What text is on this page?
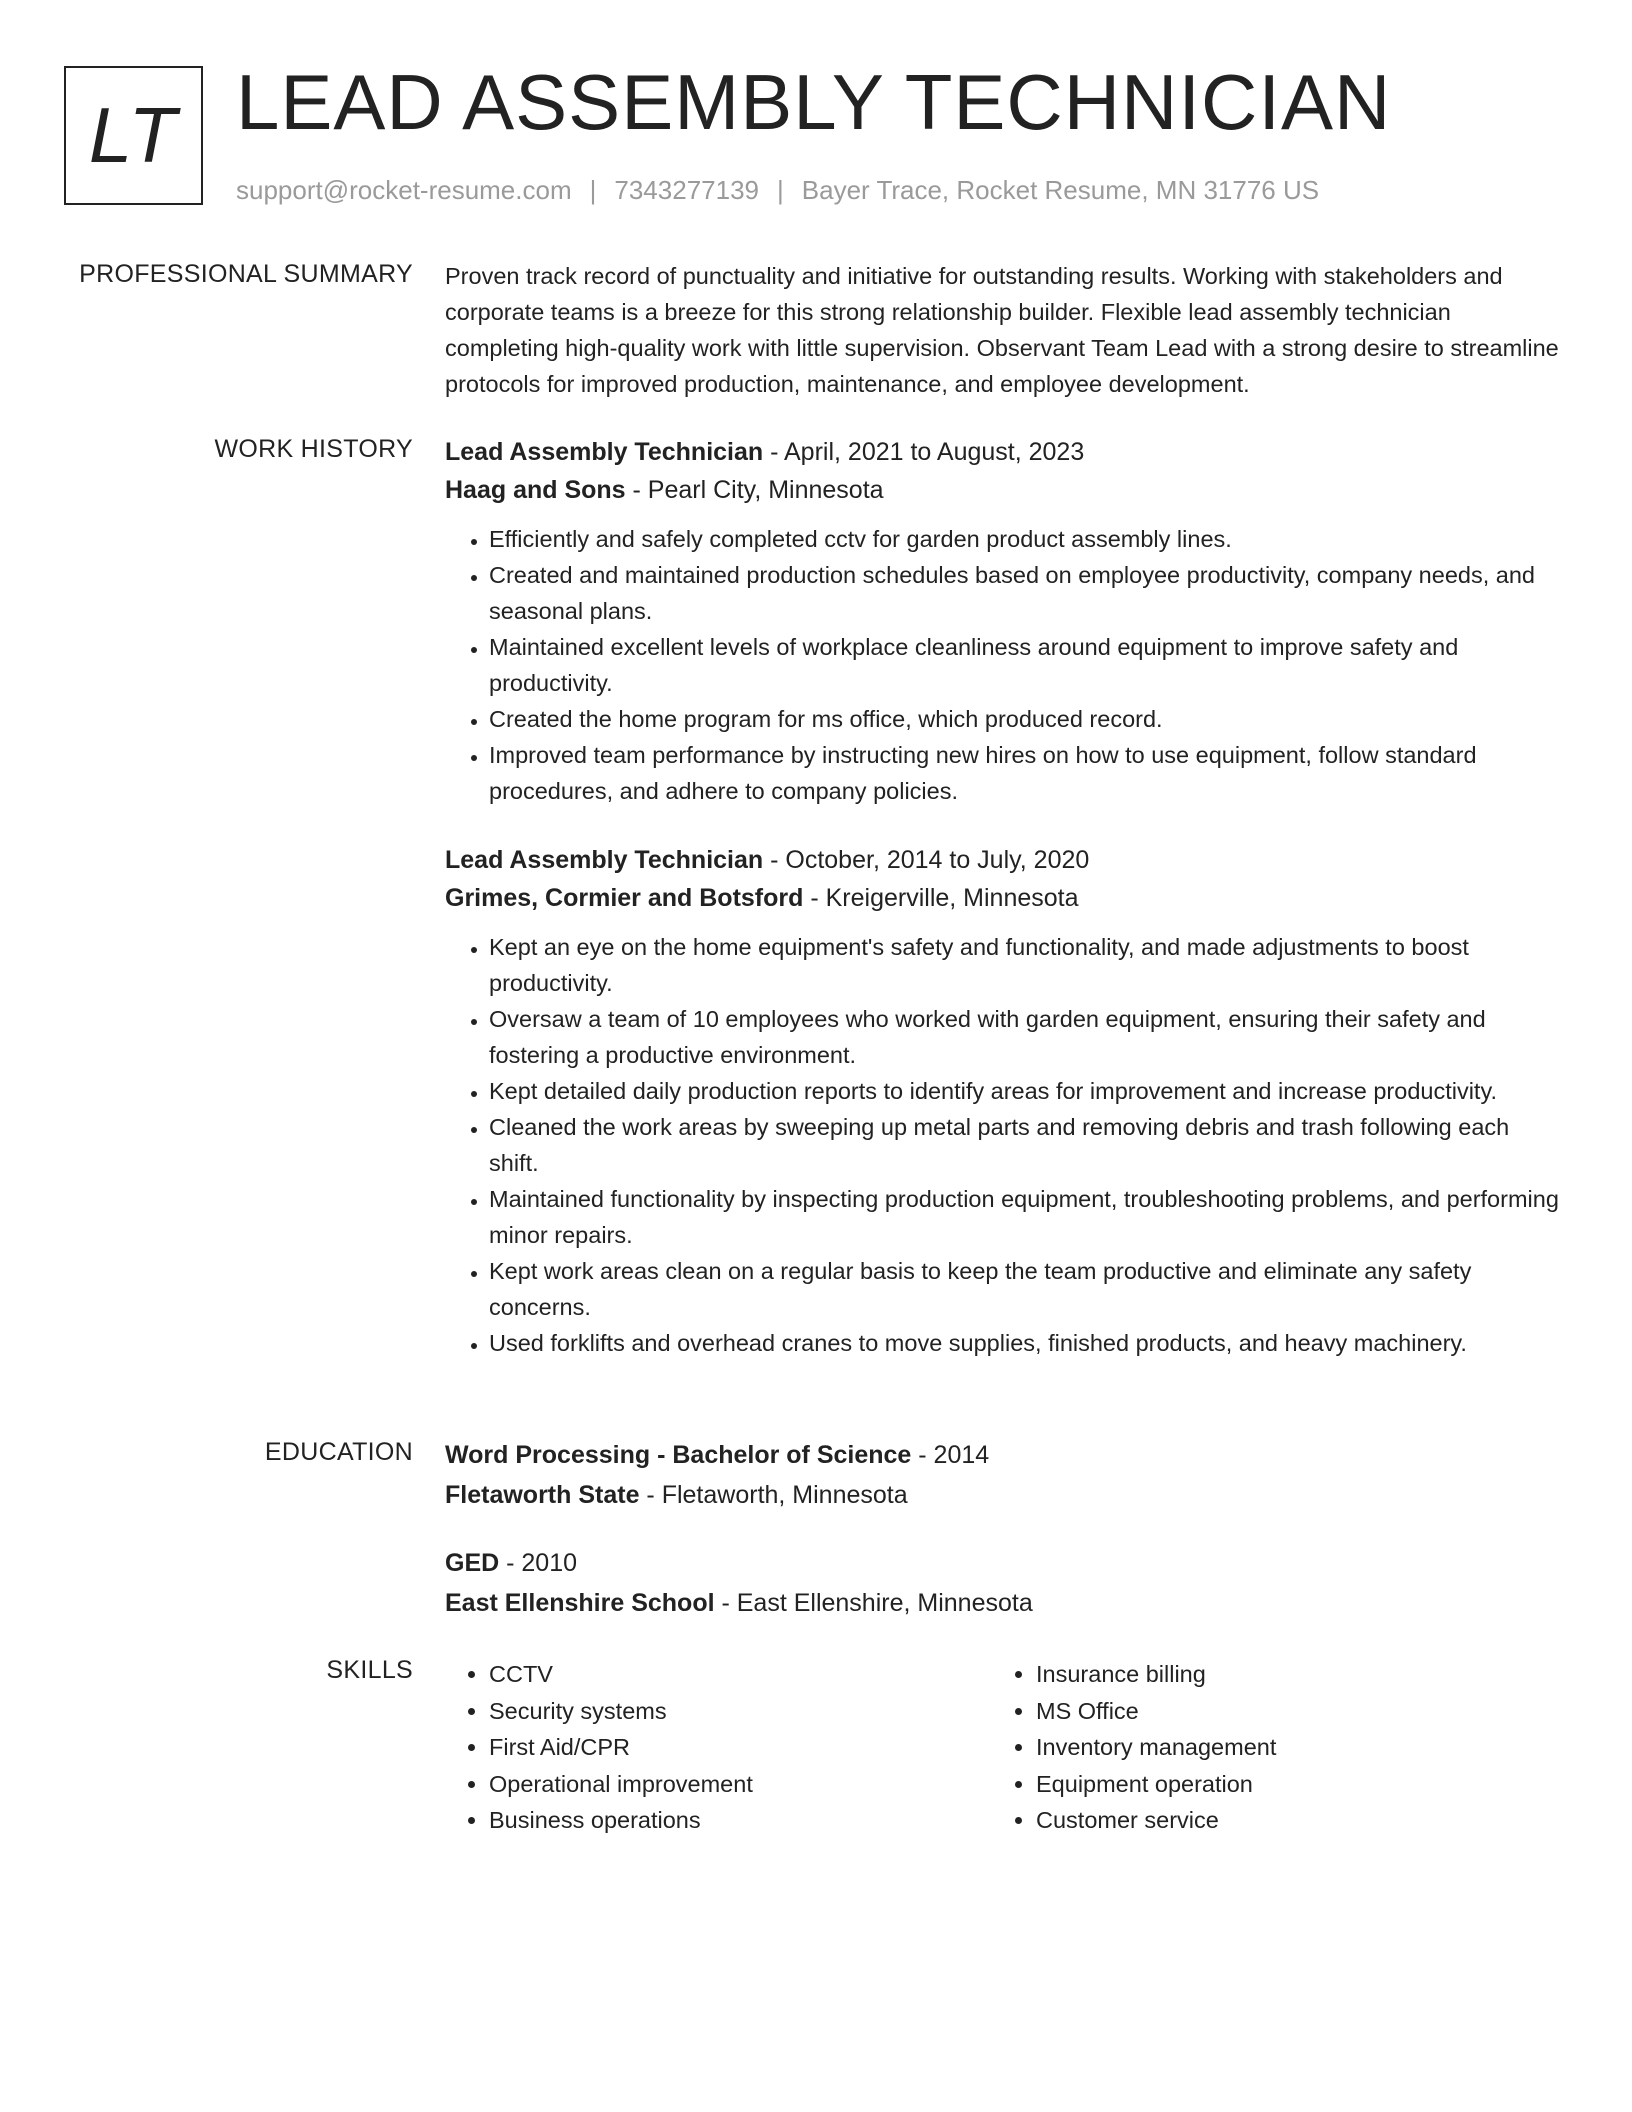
LT LEAD ASSEMBLY TECHNICIAN
support@rocket-resume.com | 7343277139 | Bayer Trace, Rocket Resume, MN 31776 US
PROFESSIONAL SUMMARY Proven track record of punctuality and initiative for outstanding results. Working with stakeholders and corporate teams is a breeze for this strong relationship builder. Flexible lead assembly technician completing high-quality work with little supervision. Observant Team Lead with a strong desire to streamline protocols for improved production, maintenance, and employee development.

WORK HISTORY Lead Assembly Technician - April, 2021 to August, 2023
Haag and Sons - Pearl City, Minnesota
• Efficiently and safely completed cctv for garden product assembly lines.
• Created and maintained production schedules based on employee productivity, company needs, and seasonal plans.
• Maintained excellent levels of workplace cleanliness around equipment to improve safety and productivity.
• Created the home program for ms office, which produced record.
• Improved team performance by instructing new hires on how to use equipment, follow standard procedures, and adhere to company policies.
Lead Assembly Technician - October, 2014 to July, 2020
Grimes, Cormier and Botsford - Kreigerville, Minnesota
• Kept an eye on the home equipment's safety and functionality, and made adjustments to boost productivity.
• Oversaw a team of 10 employees who worked with garden equipment, ensuring their safety and fostering a productive environment.
• Kept detailed daily production reports to identify areas for improvement and increase productivity.
• Cleaned the work areas by sweeping up metal parts and removing debris and trash following each shift.
• Maintained functionality by inspecting production equipment, troubleshooting problems, and performing minor repairs.
• Kept work areas clean on a regular basis to keep the team productive and eliminate any safety concerns.
• Used forklifts and overhead cranes to move supplies, finished products, and heavy machinery.
EDUCATION Word Processing - Bachelor of Science - 2014
Fletaworth State - Fletaworth, Minnesota
GED - 2010
East Ellenshire School - East Ellenshire, Minnesota
SKILLS
•	CCTV
• Security systems
• First Aid/CPR
• Operational improvement
• Business operations
• Insurance billing
• MS Office
• Inventory management
• Equipment operation
• Customer service
